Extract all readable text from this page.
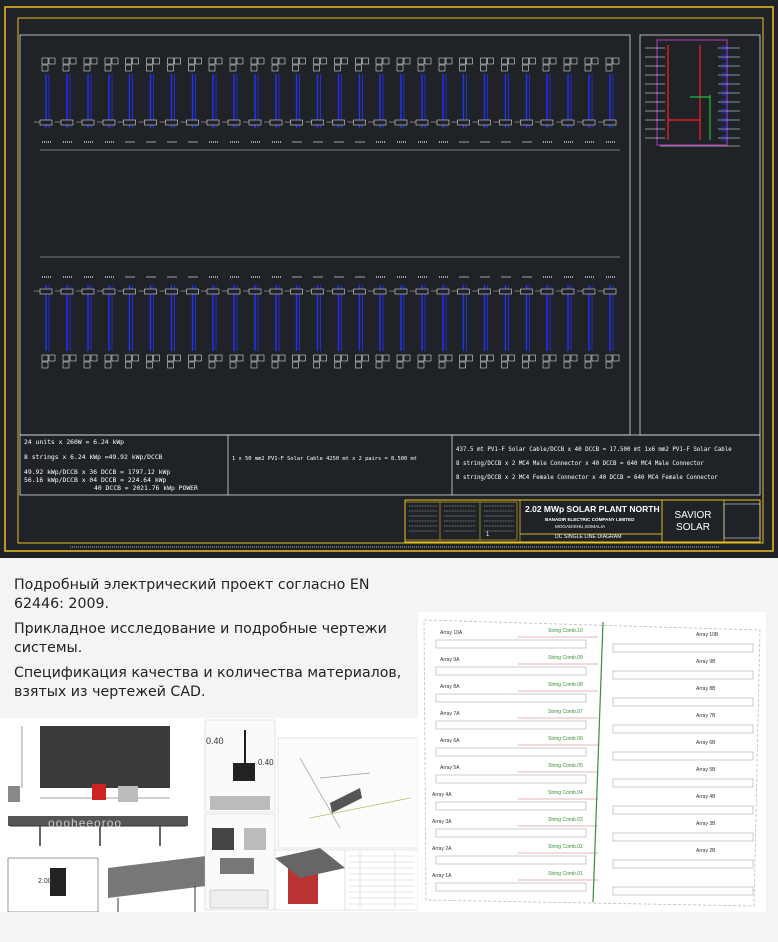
24 units x 260W = 6.24 kWp
8 strings x 6.24 kWp =49.92 kWp/DCCB
49.92 kWp/DCCB x 36 DCCB = 1797.12 kWp
56.16 kWp/DCCB x 04 DCCB = 224.64 kWp
40 DCCB = 2021.76 kWp POWER
1 x 50 mm2 PV1-F Solar Cable 4250 mt x 2 pairs = 8.500 mt
437.5 mt PV1-F Solar Cable/DCCB x 40 DCCB = 17.500 mt 1x6 mm2 PV1-F Solar Cable
8 string/DCCB x 2 MC4 Male Connector x 40 DCCB = 640 MC4 Male Connector
8 string/DCCB x 2 MC4 Female Connector x 40 DCCB = 640 MC4 Female Connector
2.02 MWp SOLAR PLANT NORTH
BANADIR ELECTRIC COMPANY LIMITED
MOGADISHU,SOMALIA
1	DC SINGLE LINE DIAGRAM
SAVIOR
SOLAR

Подробный электрический проект согласно EN 62446: 2009.

Прикладное исследование и подробные чертежи системы.

Спецификация качества и количества материалов, взятых из чертежей CAD.

Array 10A	Array 10B
String Comb.10
Array 9A	Array 9B
String Comb.09
Array 8A	Array 8B
String Comb.08
Array 7A	Array 7B
String Comb.07
Array 6A	Array 6B
String Comb.06
Array 5A	Array 5B
String Comb.05
Array 4A	Array 4B
String Comb.04
Array 3A	Array 3B
String Comb.03
Array 2A	Array 2B
String Comb.02
Array 1A	String Comb.01
0.40
0.40
2.00
oooheeoroo
